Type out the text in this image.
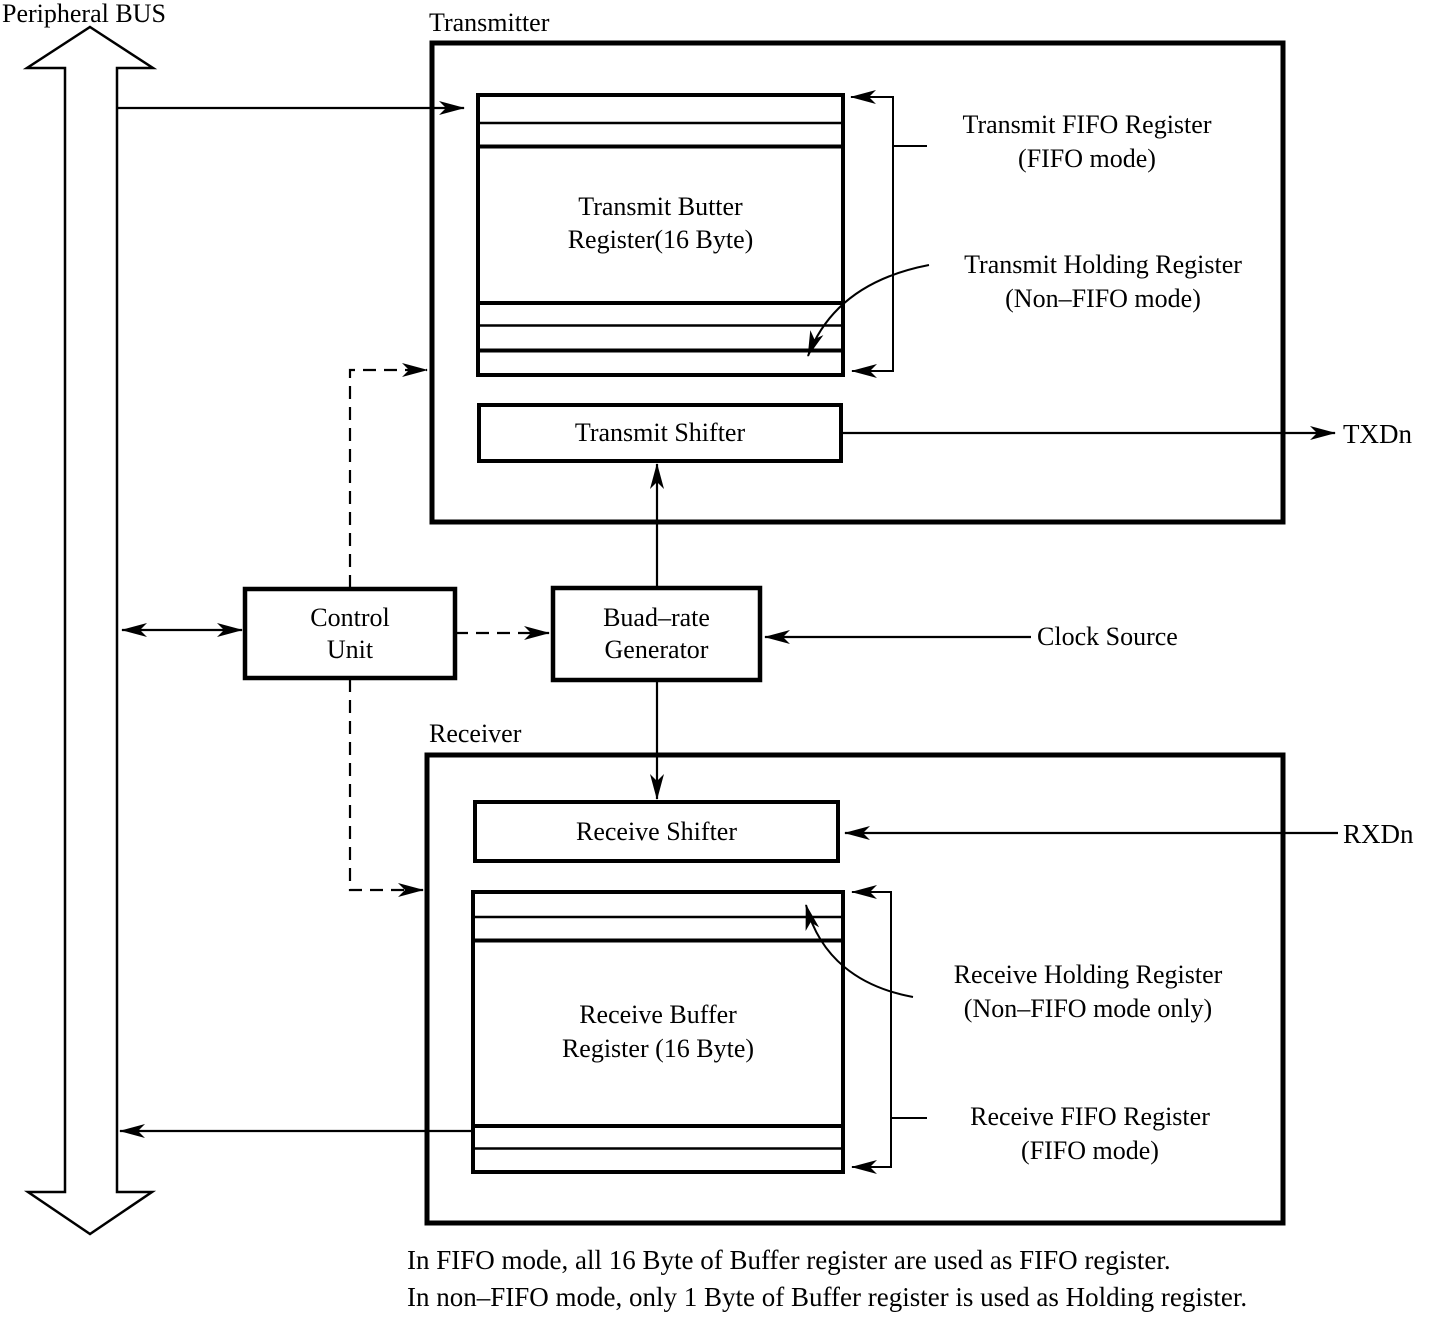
Peripheral BUS	Transmitter
Transmit Butter
Register(16 Byte)
Transmit FIFO Register
(FIFO mode)
Transmit Holding Register
(Non–FIFO mode)
Transmit Shifter	TXDn
Control
Unit
Buad–rate
Generator	Clock Source
Receiver
Receive Shifter	RXDn
Receive Buffer
Register (16 Byte)
Receive Holding Register
(Non–FIFO mode only)
Receive FIFO Register
(FIFO mode)
In FIFO mode, all 16 Byte of Buffer register are used as FIFO register.
In non–FIFO mode, only 1 Byte of Buffer register is used as Holding register.
